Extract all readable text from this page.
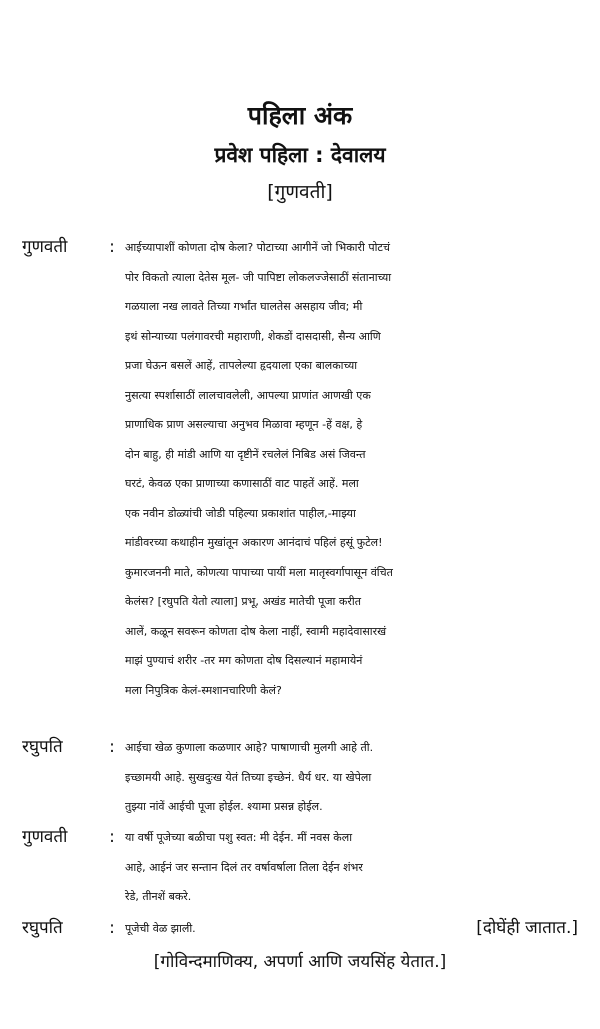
पहिला अंक
प्रवेश पहिला : देवालय
[गुणवती]
गुणवती	: आईच्यापाशीं कोणता दोष केला? पोटाच्या आगीनें जो भिकारी पोटचं
पोर विकतो त्याला देतेस मूल- जी पापिष्टा लोकलज्जेसाठीं संतानाच्या
गळयाला नख लावते तिच्या गर्भांत घालतेस असहाय जीव; मी
इथं सोन्याच्या पलंगावरची महाराणी, शेकडों दासदासी, सैन्य आणि
प्रजा घेऊन बसलें आहें, तापलेल्या हृदयाला एका बालकाच्या
नुसत्या स्पर्शासाठीं लालचावलेली, आपल्या प्राणांत आणखी एक
प्राणाधिक प्राण असल्याचा अनुभव मिळावा म्हणून -हें वक्ष, हे
दोन बाहु, ही मांडी आणि या दृष्टीनें रचलेलं निबिड असं जिवन्त
घरटं, केवळ एका प्राणाच्या कणासाठीं वाट पाहतें आहें. मला
एक नवीन डोळ्यांची जोडी पहिल्या प्रकाशांत पाहील,-माझ्या
मांडीवरच्या कथाहीन मुखांतून अकारण आनंदाचं पहिलं हसूं फुटेल!
कुमारजननी माते, कोणत्या पापाच्या पायीं मला मातृस्वर्गापासून वंचित
केलंस? [रघुपति येतो त्याला] प्रभू, अखंड मातेची पूजा करीत
आलें, कळून सवरून कोणता दोष केला नाहीं, स्वामी महादेवासारखं
माझं पुण्याचं शरीर -तर मग कोणता दोष दिसल्यानं महामायेनं
मला निपुत्रिक केलं-स्मशानचारिणी केलं?
रघुपति	: आईचा खेळ कुणाला कळणार आहे? पाषाणाची मुलगी आहे ती.
इच्छामयी आहे. सुखदुःख येतं तिच्या इच्छेनं. धैर्य धर. या खेपेला
तुझ्या नांवें आईची पूजा होईल. श्यामा प्रसन्न होईल.
गुणवती	: या वर्षी पूजेच्या बळीचा पशु स्वत: मी देईन. मीं नवस केला
आहे, आईनं जर सन्तान दिलं तर वर्षावर्षाला तिला देईन शंभर
रेडे, तीनशें बकरे.
रघुपति	: पूजेची वेळ झाली.	[दोघेंही जातात.]
[गोविन्दमाणिक्य, अपर्णा आणि जयसिंह येतात.]
